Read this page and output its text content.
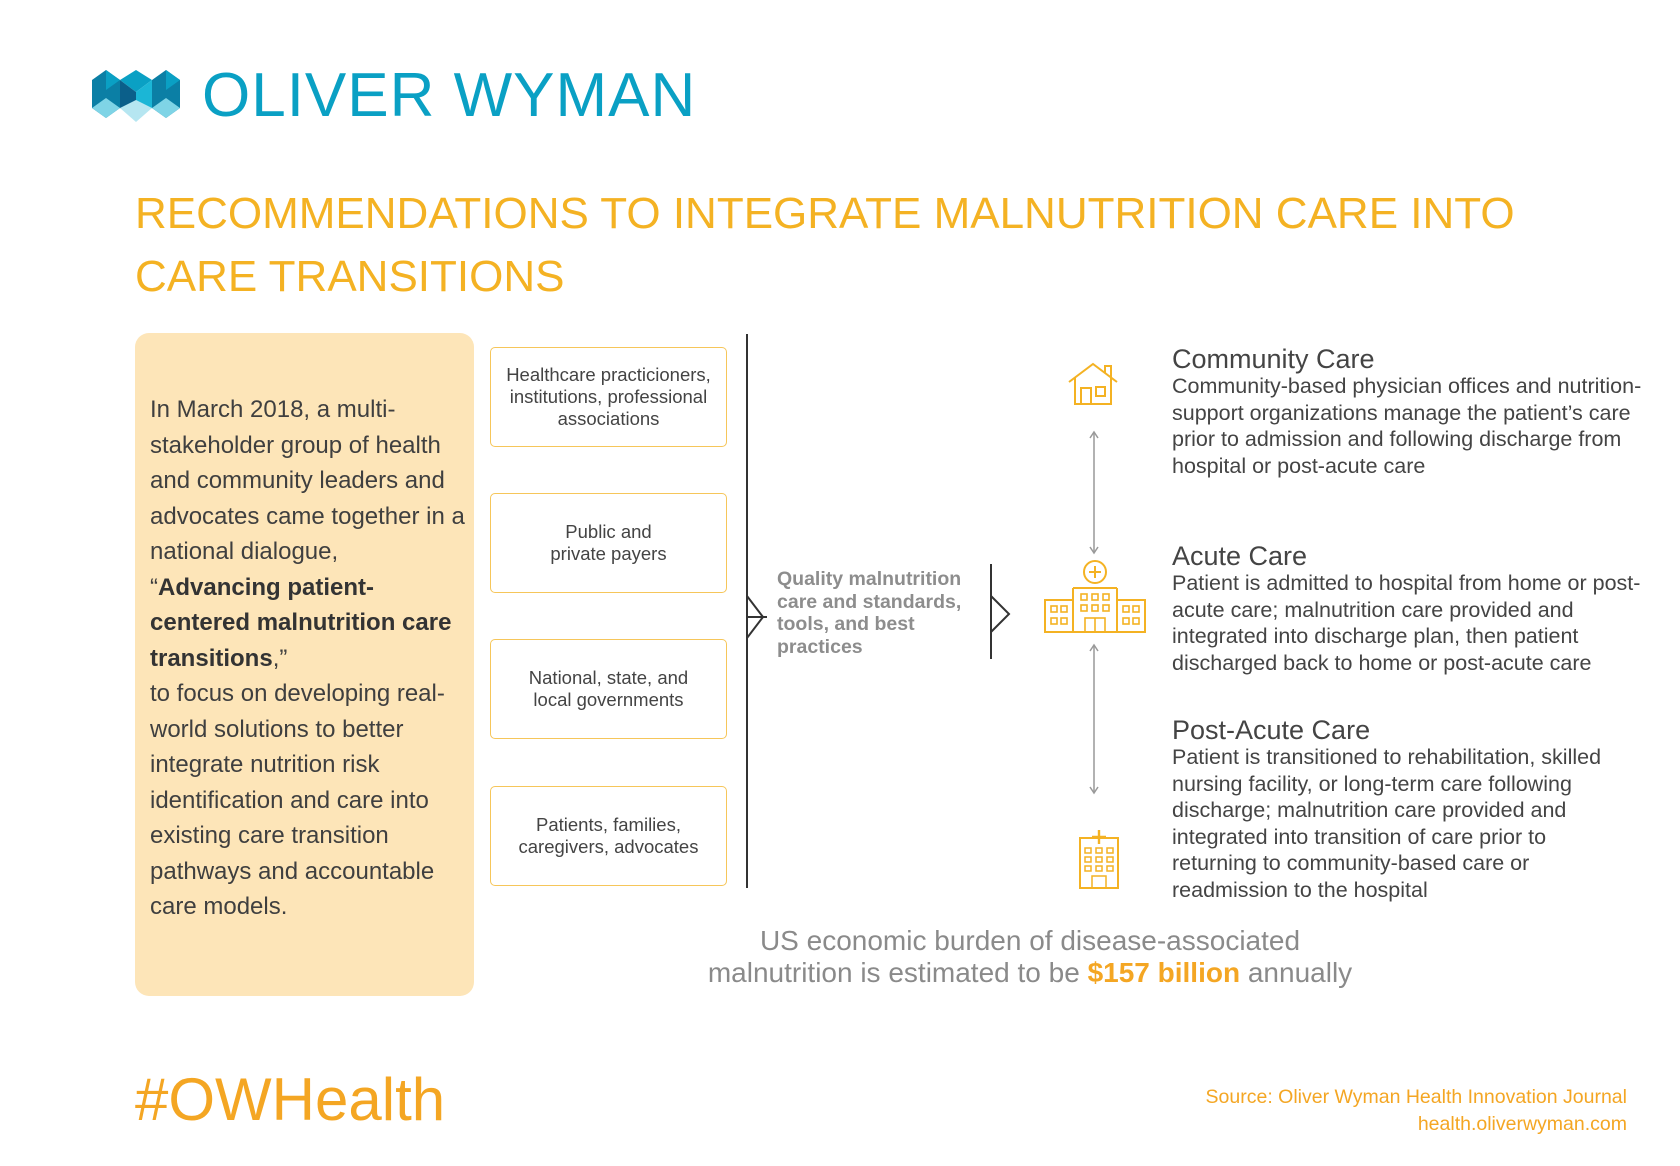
OLIVER WYMAN
RECOMMENDATIONS TO INTEGRATE MALNUTRITION CARE INTO
CARE TRANSITIONS
In March 2018, a multi-stakeholder group of health and community leaders and advocates came together in a national dialogue,
“Advancing patient-centered malnutrition care transitions,”
to focus on developing real-world solutions to better integrate nutrition risk identification and care into existing care transition pathways and accountable care models.
Healthcare practicioners, institutions, professional associations
Public and private payers
National, state, and local governments
Patients, families, caregivers, advocates
Quality malnutrition care and standards, tools, and best practices
Community Care
Community-based physician offices and nutrition-support organizations manage the patient’s care prior to admission and following discharge from hospital or post-acute care
Acute Care
Patient is admitted to hospital from home or post-acute care; malnutrition care provided and integrated into discharge plan, then patient discharged back to home or post-acute care
Post-Acute Care
Patient is transitioned to rehabilitation, skilled nursing facility, or long-term care following discharge; malnutrition care provided and integrated into transition of care prior to returning to community-based care or readmission to the hospital
US economic burden of disease-associated
malnutrition is estimated to be $157 billion annually
#OWHealth	Source: Oliver Wyman Health Innovation Journal
health.oliverwyman.com
